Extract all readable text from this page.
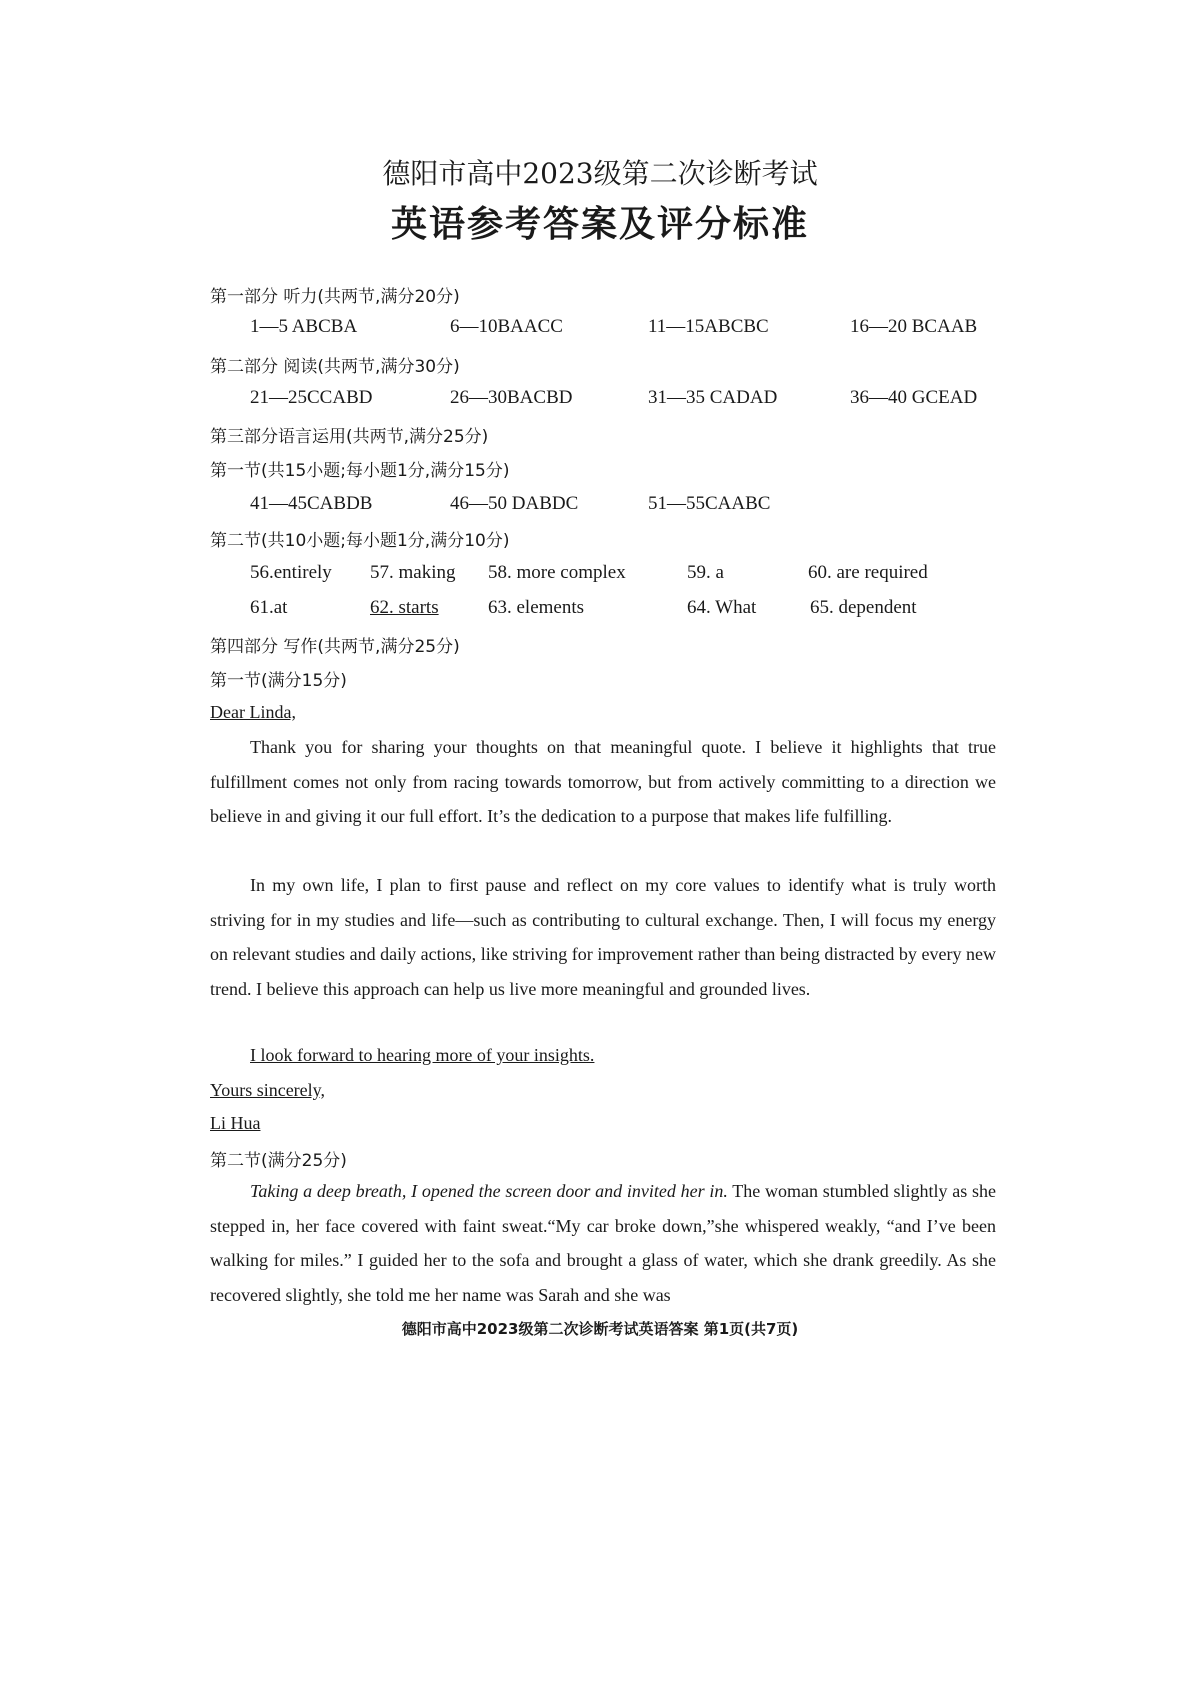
德阳市高中2023级第二次诊断考试
英语参考答案及评分标准
第一部分 听力(共两节,满分20分)
1—5 ABCBA	6—10BAACC	11—15ABCBC	16—20 BCAAB
第二部分 阅读(共两节,满分30分)
21—25CCABD	26—30BACBD	31—35 CADAD	36—40 GCEAD
第三部分语言运用(共两节,满分25分)
第一节(共15小题;每小题1分,满分15分)
41—45CABDB	46—50 DABDC	51—55CAABC
第二节(共10小题;每小题1分,满分10分)
56.entirely 57. making 58. more complex	59. a	60. are required
61.at	62. starts	63. elements	64. What	65. dependent
第四部分 写作(共两节,满分25分)
第一节(满分15分)
Dear Linda,
Thank you for sharing your thoughts on that meaningful quote. I believe it highlights that true fulfillment comes not only from racing towards tomorrow, but from actively committing to a direction we believe in and giving it our full effort. It’s the dedication to a purpose that makes life fulfilling.
In my own life, I plan to first pause and reflect on my core values to identify what is truly worth striving for in my studies and life—such as contributing to cultural exchange. Then, I will focus my energy on relevant studies and daily actions, like striving for improvement rather than being distracted by every new trend. I believe this approach can help us live more meaningful and grounded lives.
I look forward to hearing more of your insights.
Yours sincerely,
Li Hua
第二节(满分25分)
Taking a deep breath, I opened the screen door and invited her in. The woman stumbled slightly as she stepped in, her face covered with faint sweat.“My car broke down,”she whispered weakly, “and I’ve been walking for miles.” I guided her to the sofa and brought a glass of water, which she drank greedily. As she recovered slightly, she told me her name was Sarah and she was
德阳市高中2023级第二次诊断考试英语答案 第1页(共7页)
